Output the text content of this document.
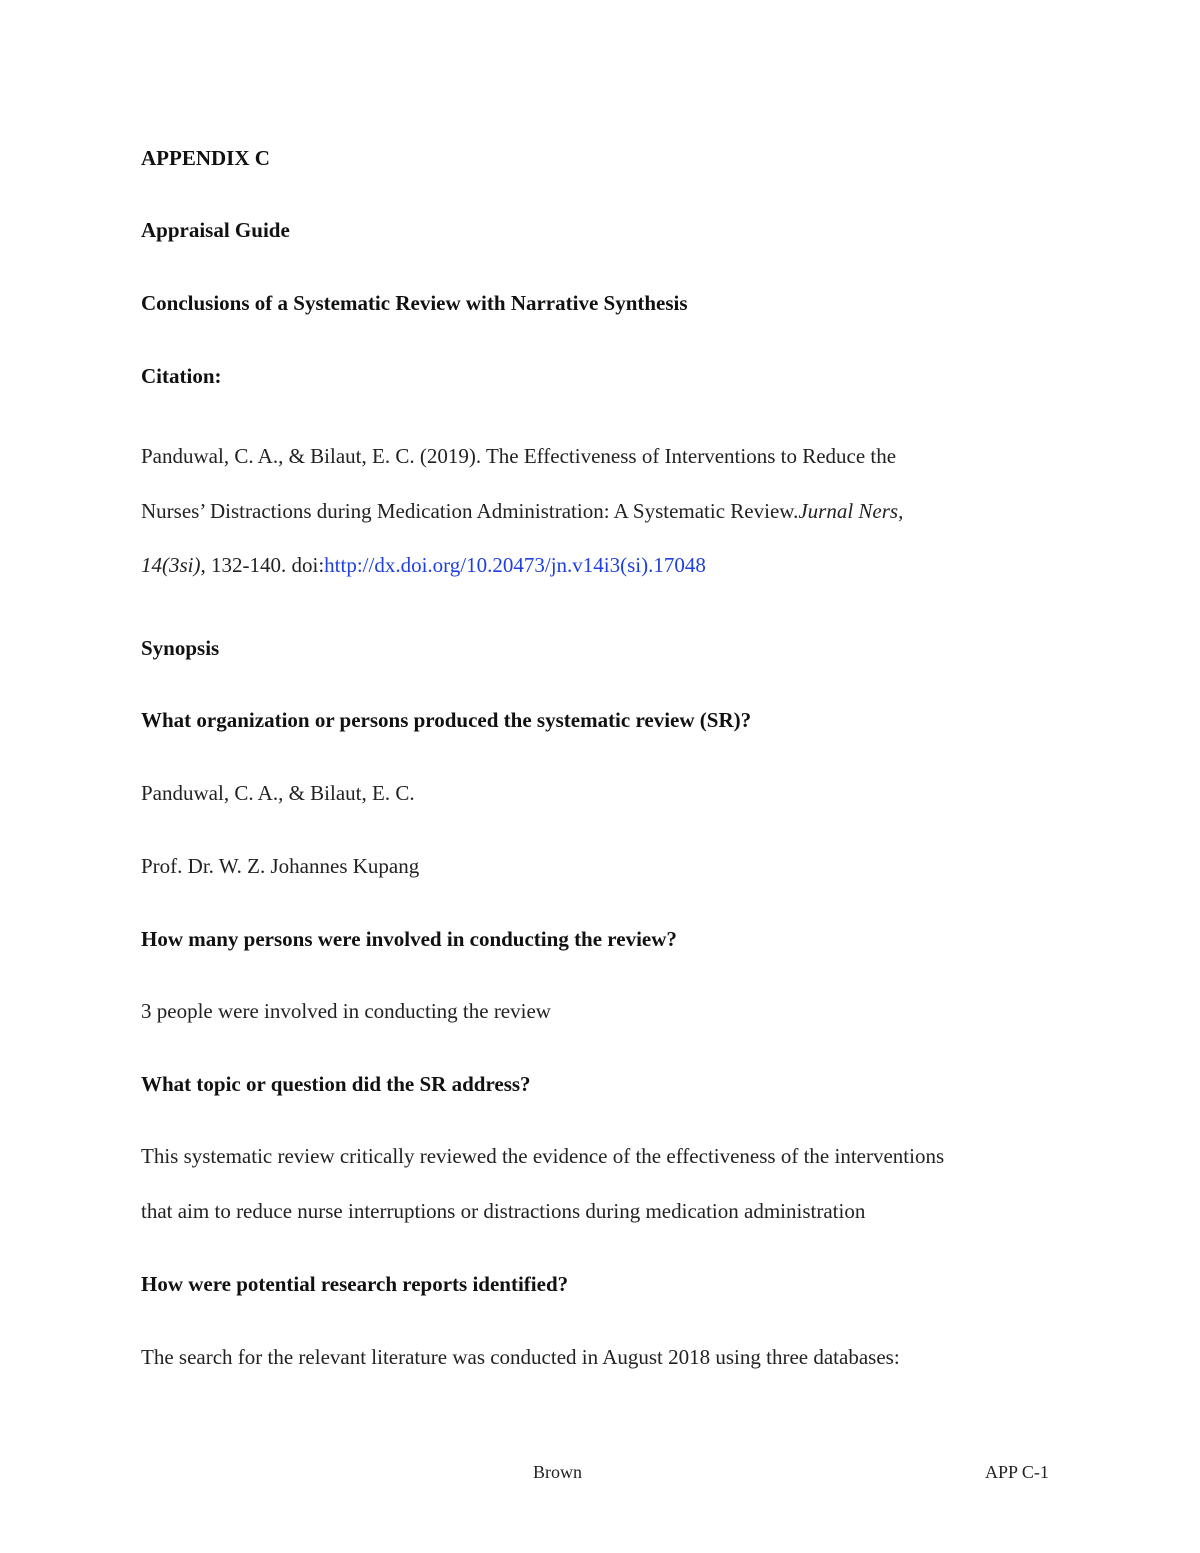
APPENDIX C
Appraisal Guide
Conclusions of a Systematic Review with Narrative Synthesis
Citation:
Panduwal, C. A., & Bilaut, E. C. (2019). The Effectiveness of Interventions to Reduce the
Nurses’ Distractions during Medication Administration: A Systematic Review.Jurnal Ners,
14(3si), 132-140. doi:http://dx.doi.org/10.20473/jn.v14i3(si).17048
Synopsis
What organization or persons produced the systematic review (SR)?
Panduwal, C. A., & Bilaut, E. C.
Prof. Dr. W. Z. Johannes Kupang
How many persons were involved in conducting the review?
3 people were involved in conducting the review
What topic or question did the SR address?
This systematic review critically reviewed the evidence of the effectiveness of the interventions
that aim to reduce nurse interruptions or distractions during medication administration
How were potential research reports identified?
The search for the relevant literature was conducted in August 2018 using three databases:
Brown	APP C-1
